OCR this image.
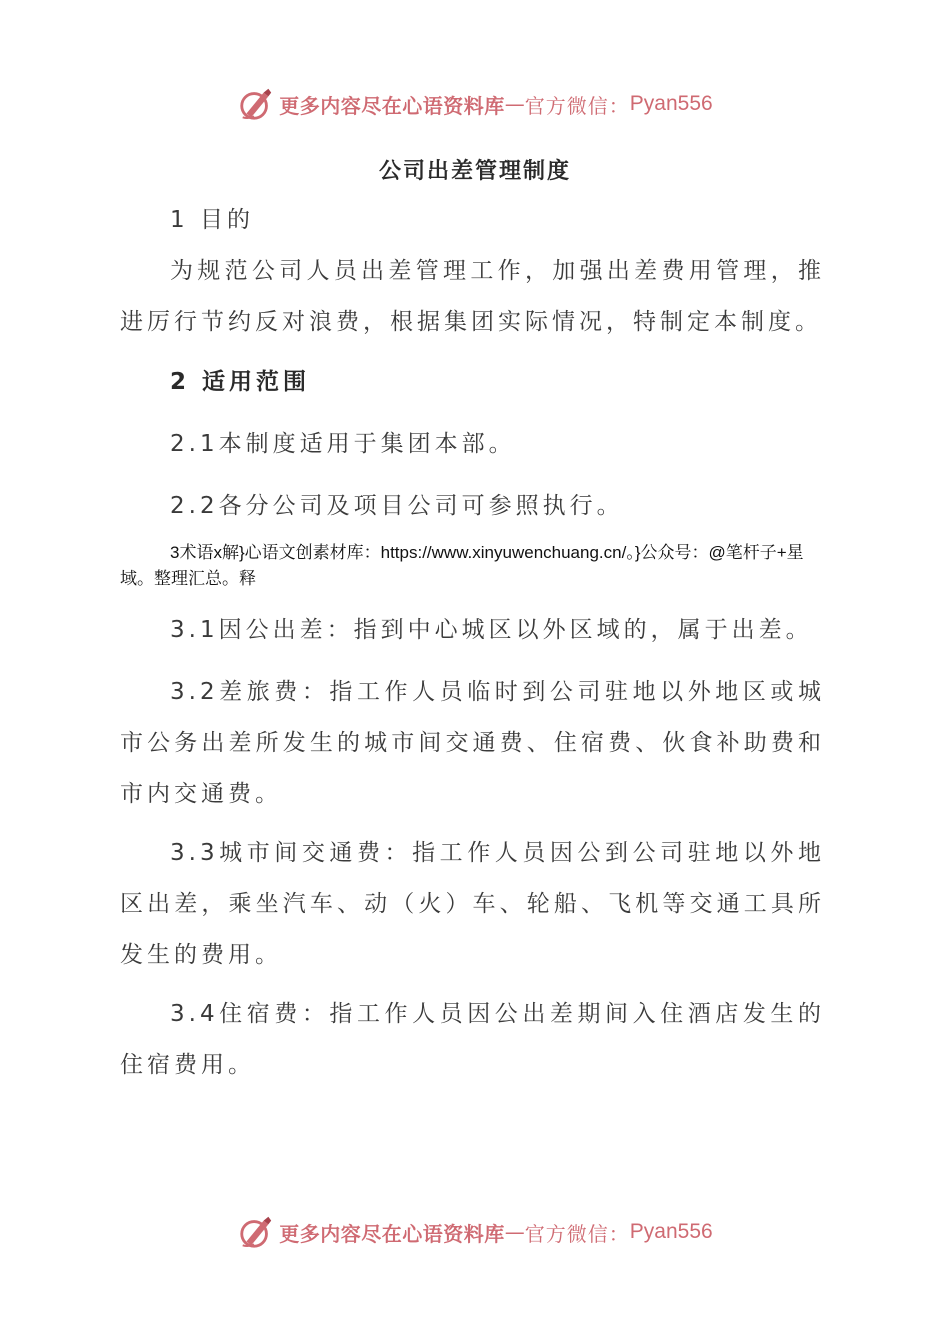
更多内容尽在心语资料库 — 官方微信： Pyan556
公司出差管理制度

1 目的

为规范公司人员出差管理工作，加强出差费用管理，推进厉行节约反对浪费，根据集团实际情况，特制定本制度。

2 适用范围

2.1本制度适用于集团本部。

2.2各分公司及项目公司可参照执行。

3术语x解}心语文创素材库：https://www.xinyuwenchuang.cn/。}公众号：@笔杆子+星域。整理汇总。释

3.1因公出差：指到中心城区以外区域的，属于出差。

3.2差旅费：指工作人员临时到公司驻地以外地区或城市公务出差所发生的城市间交通费、住宿费、伙食补助费和市内交通费。

3.3城市间交通费：指工作人员因公到公司驻地以外地区出差，乘坐汽车、动（火）车、轮船、飞机等交通工具所发生的费用。

3.4住宿费：指工作人员因公出差期间入住酒店发生的住宿费用。

更多内容尽在心语资料库 — 官方微信： Pyan556
